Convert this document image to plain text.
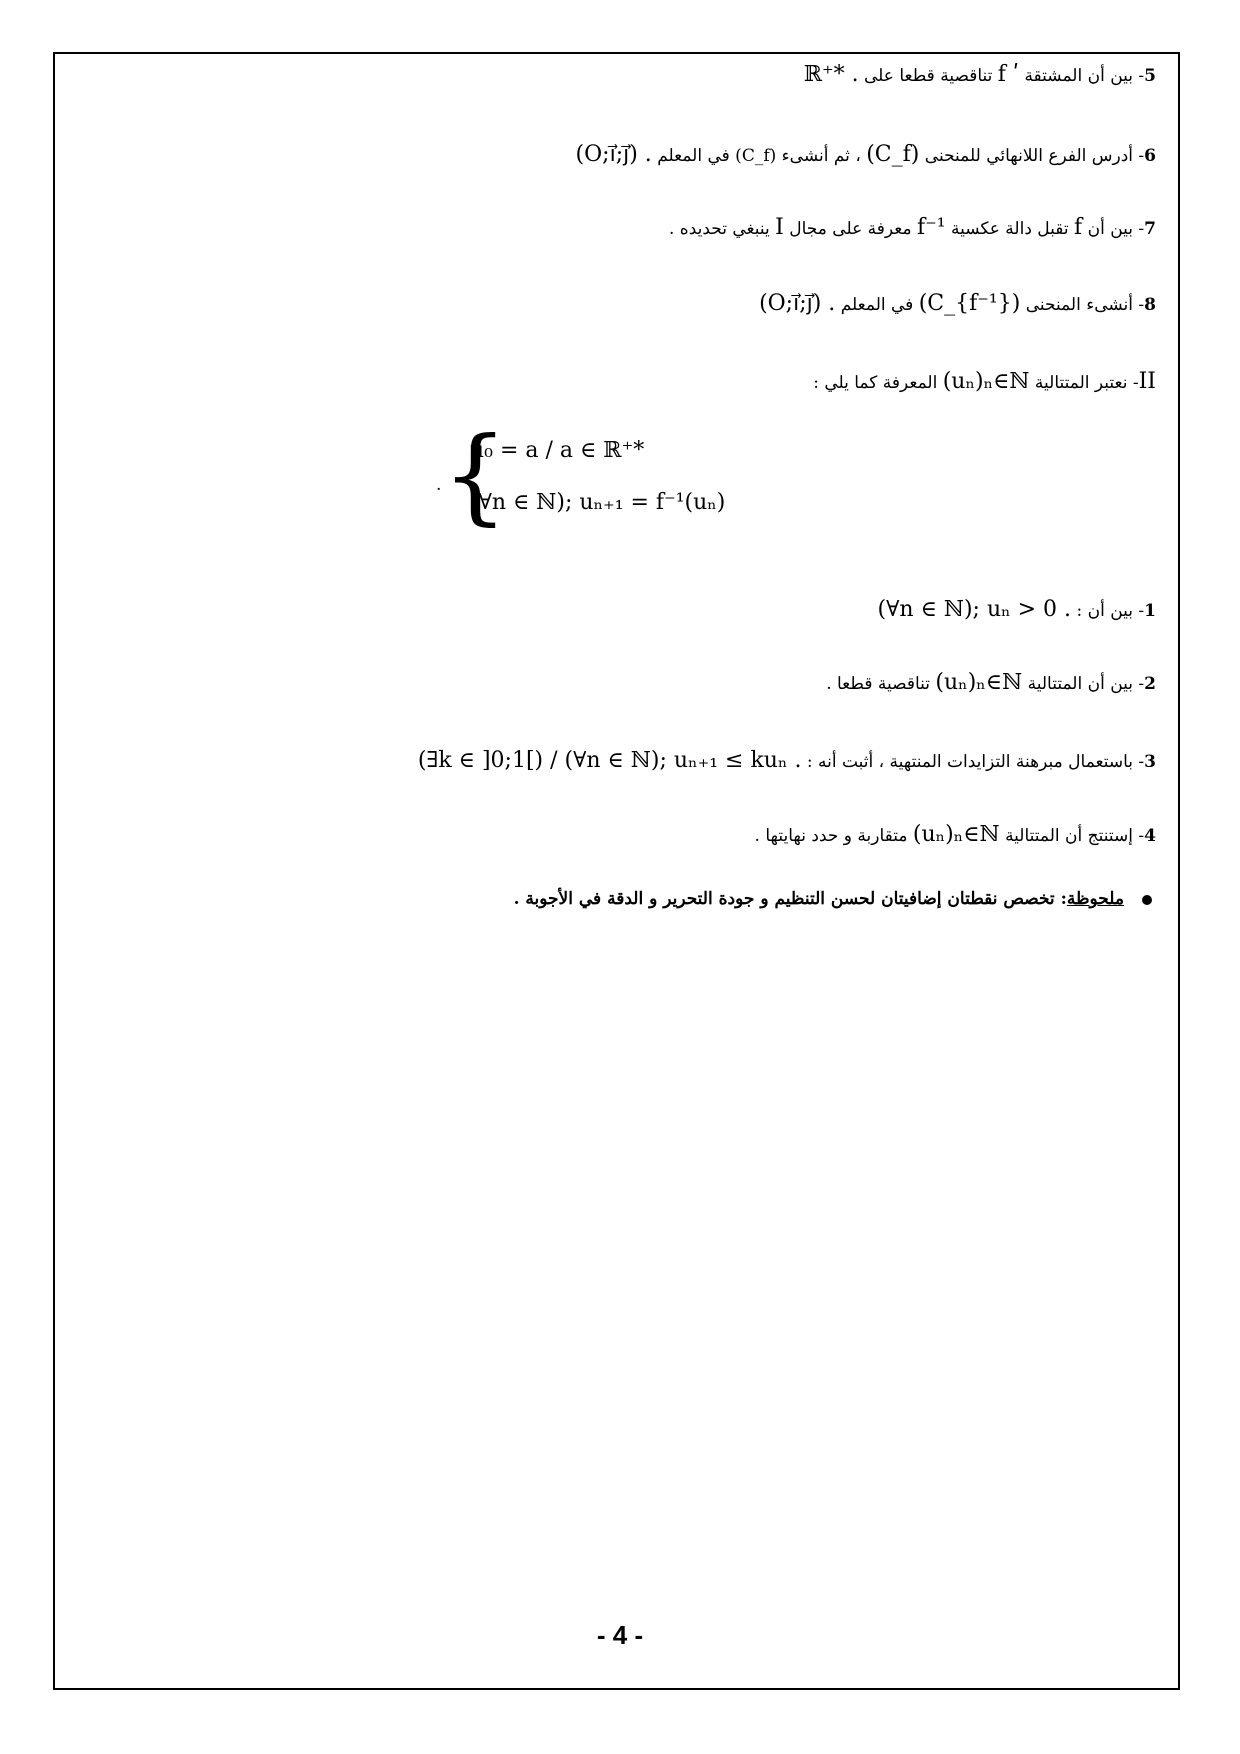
5- بين أن المشتقة f ʹ تناقصية قطعا على ℝ⁺* .
6- أدرس الفرع اللانهائي للمنحنى (C_f) ، ثم أنشىء (C_f) في المعلم (O;i⃗;j⃗) .
7- بين أن f تقبل دالة عكسية f⁻¹ معرفة على مجال I ينبغي تحديده .
8- أنشىء المنحنى (C_{f⁻¹}) في المعلم (O;i⃗;j⃗) .
II- نعتبر المتتالية (uₙ)ₙ∈ℕ المعرفة كما يلي :
. {
u₀ = a / a ∈ ℝ⁺*
(∀n ∈ ℕ); uₙ₊₁ = f⁻¹(uₙ)
1- بين أن : (∀n ∈ ℕ); uₙ > 0 .
2- بين أن المتتالية (uₙ)ₙ∈ℕ تناقصية قطعا .
3- باستعمال مبرهنة التزايدات المنتهية ، أثبت أنه : (∃k ∈ ]0;1[) / (∀n ∈ ℕ); uₙ₊₁ ≤ kuₙ .
4- إستنتج أن المتتالية (uₙ)ₙ∈ℕ متقاربة و حدد نهايتها .
ملحوظة: تخصص نقطتان إضافيتان لحسن التنظيم و جودة التحرير و الدقة في الأجوبة .
- 4 -
